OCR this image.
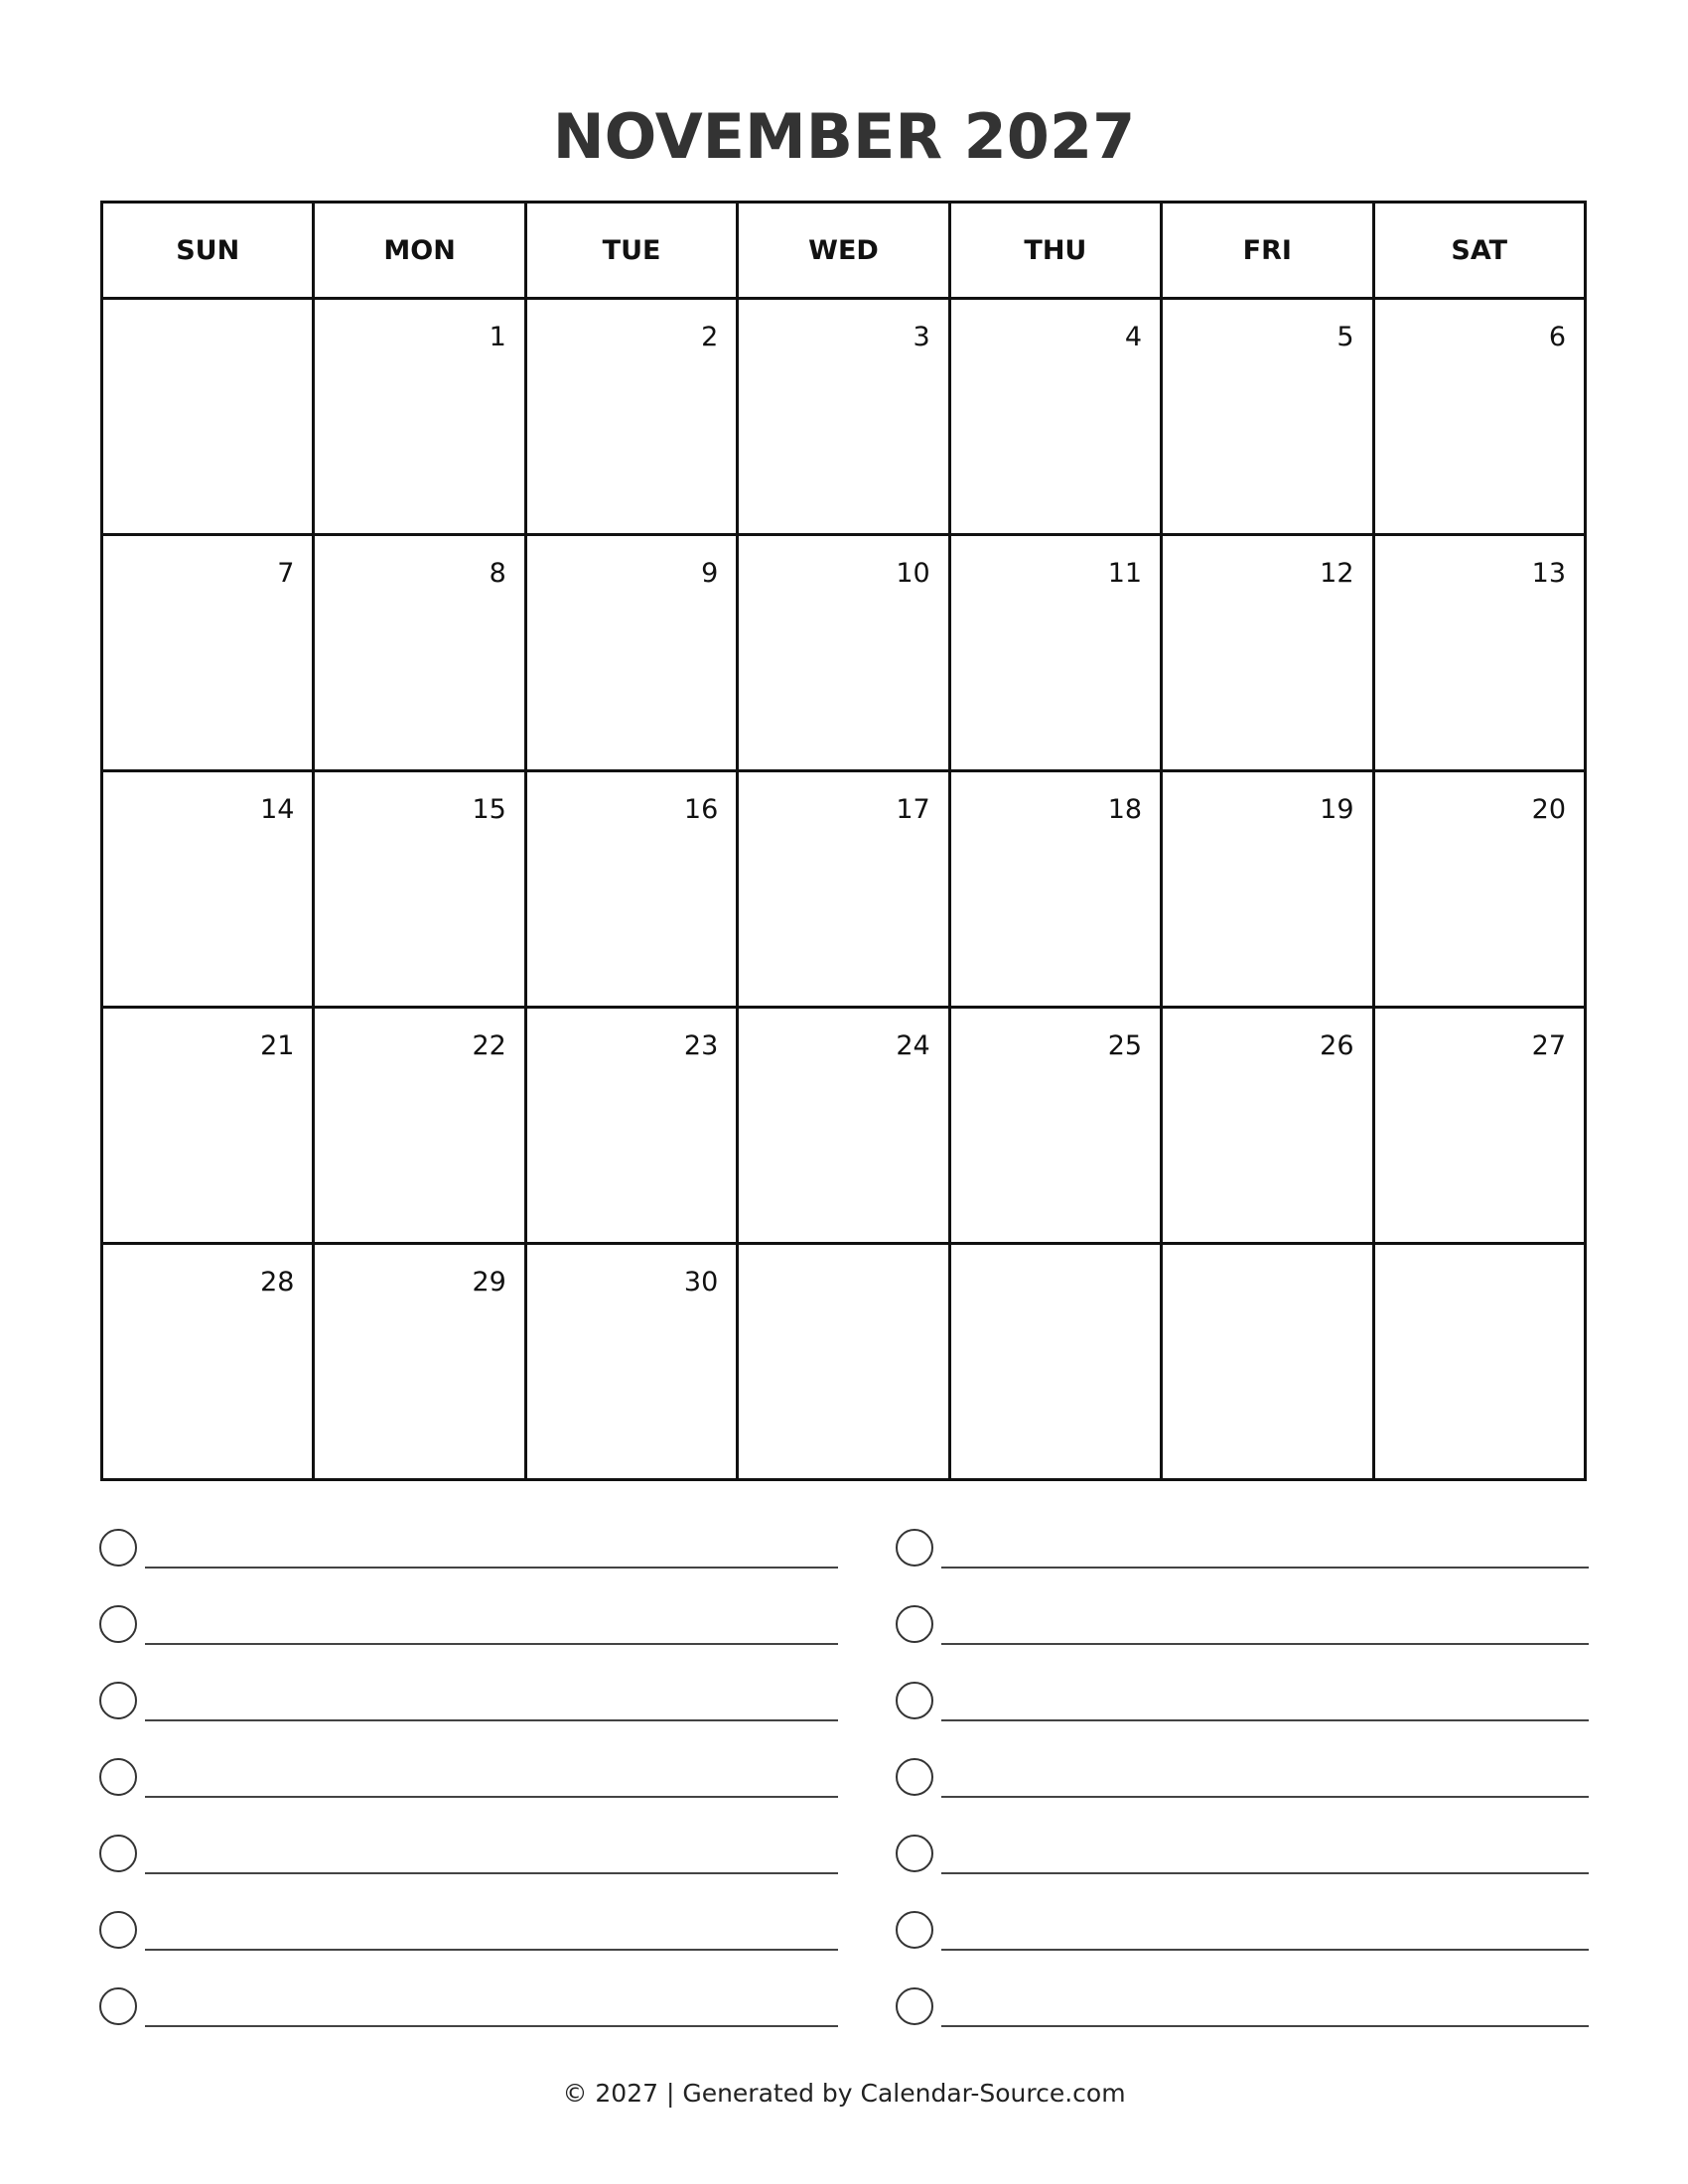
NOVEMBER 2027
SUN	MON	TUE	WED	THU	FRI	SAT

	1	2	3	4	5	6

7	8	9	10	11	12	13

14	15	16	17	18	19	20

21	22	23	24	25	26	27

28	29	30				

© 2027 | Generated by Calendar-Source.com
